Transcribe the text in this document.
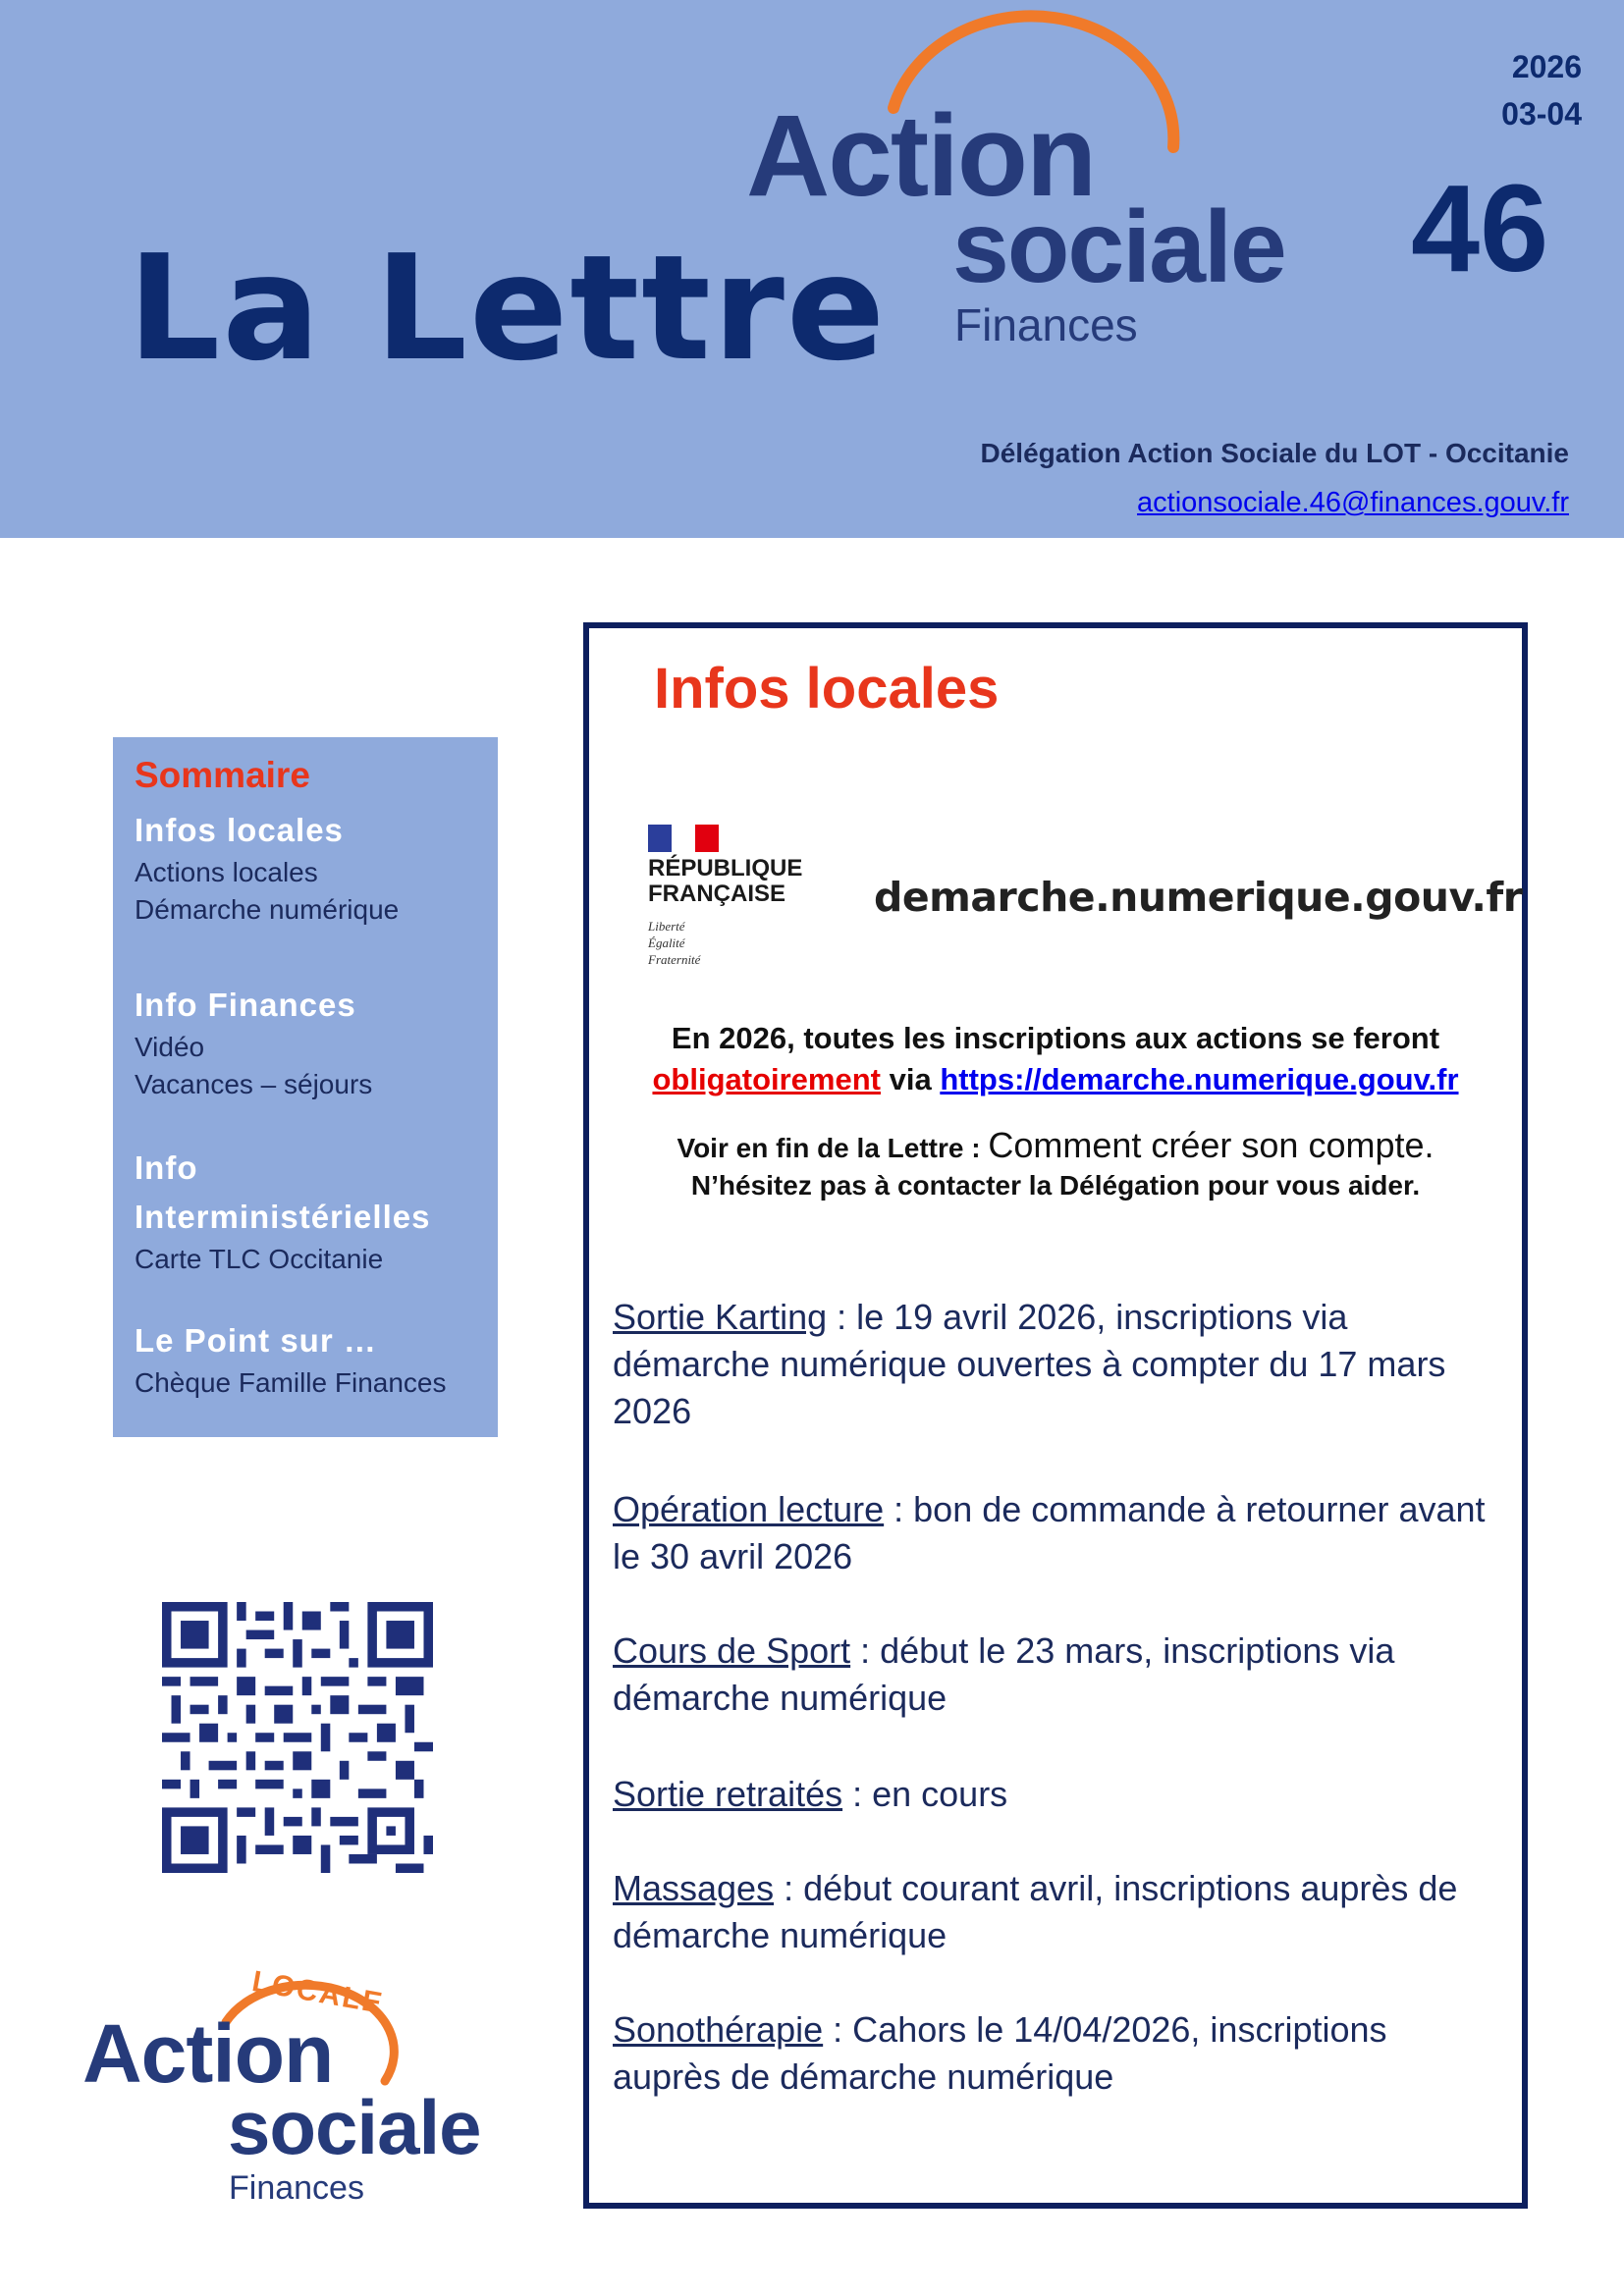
La Lettre
2026
03-04
46
Action
sociale
Finances
Délégation Action Sociale du LOT - Occitanie
actionsociale.46@finances.gouv.fr
Sommaire
Infos locales
Actions locales
Démarche numérique
Info Finances
Vidéo
Vacances – séjours
Info
Interministérielles
Carte TLC Occitanie
Le Point sur …
Chèque Famille Finances
LOCALE
Action
sociale
Finances
Infos locales
RÉPUBLIQUE
FRANÇAISE
Liberté
Égalité
Fraternité
demarche.numerique.gouv.fr
En 2026, toutes les inscriptions aux actions se feront
obligatoirement via https://demarche.numerique.gouv.fr
Voir en fin de la Lettre : Comment créer son compte.
N’hésitez pas à contacter la Délégation pour vous aider.
Sortie Karting : le 19 avril 2026, inscriptions via démarche numérique ouvertes à compter du 17 mars 2026
Opération lecture : bon de commande à retourner avant le 30 avril 2026
Cours de Sport : début le 23 mars, inscriptions via démarche numérique
Sortie retraités : en cours
Massages : début courant avril, inscriptions auprès de démarche numérique
Sonothérapie : Cahors le 14/04/2026, inscriptions auprès de démarche numérique
